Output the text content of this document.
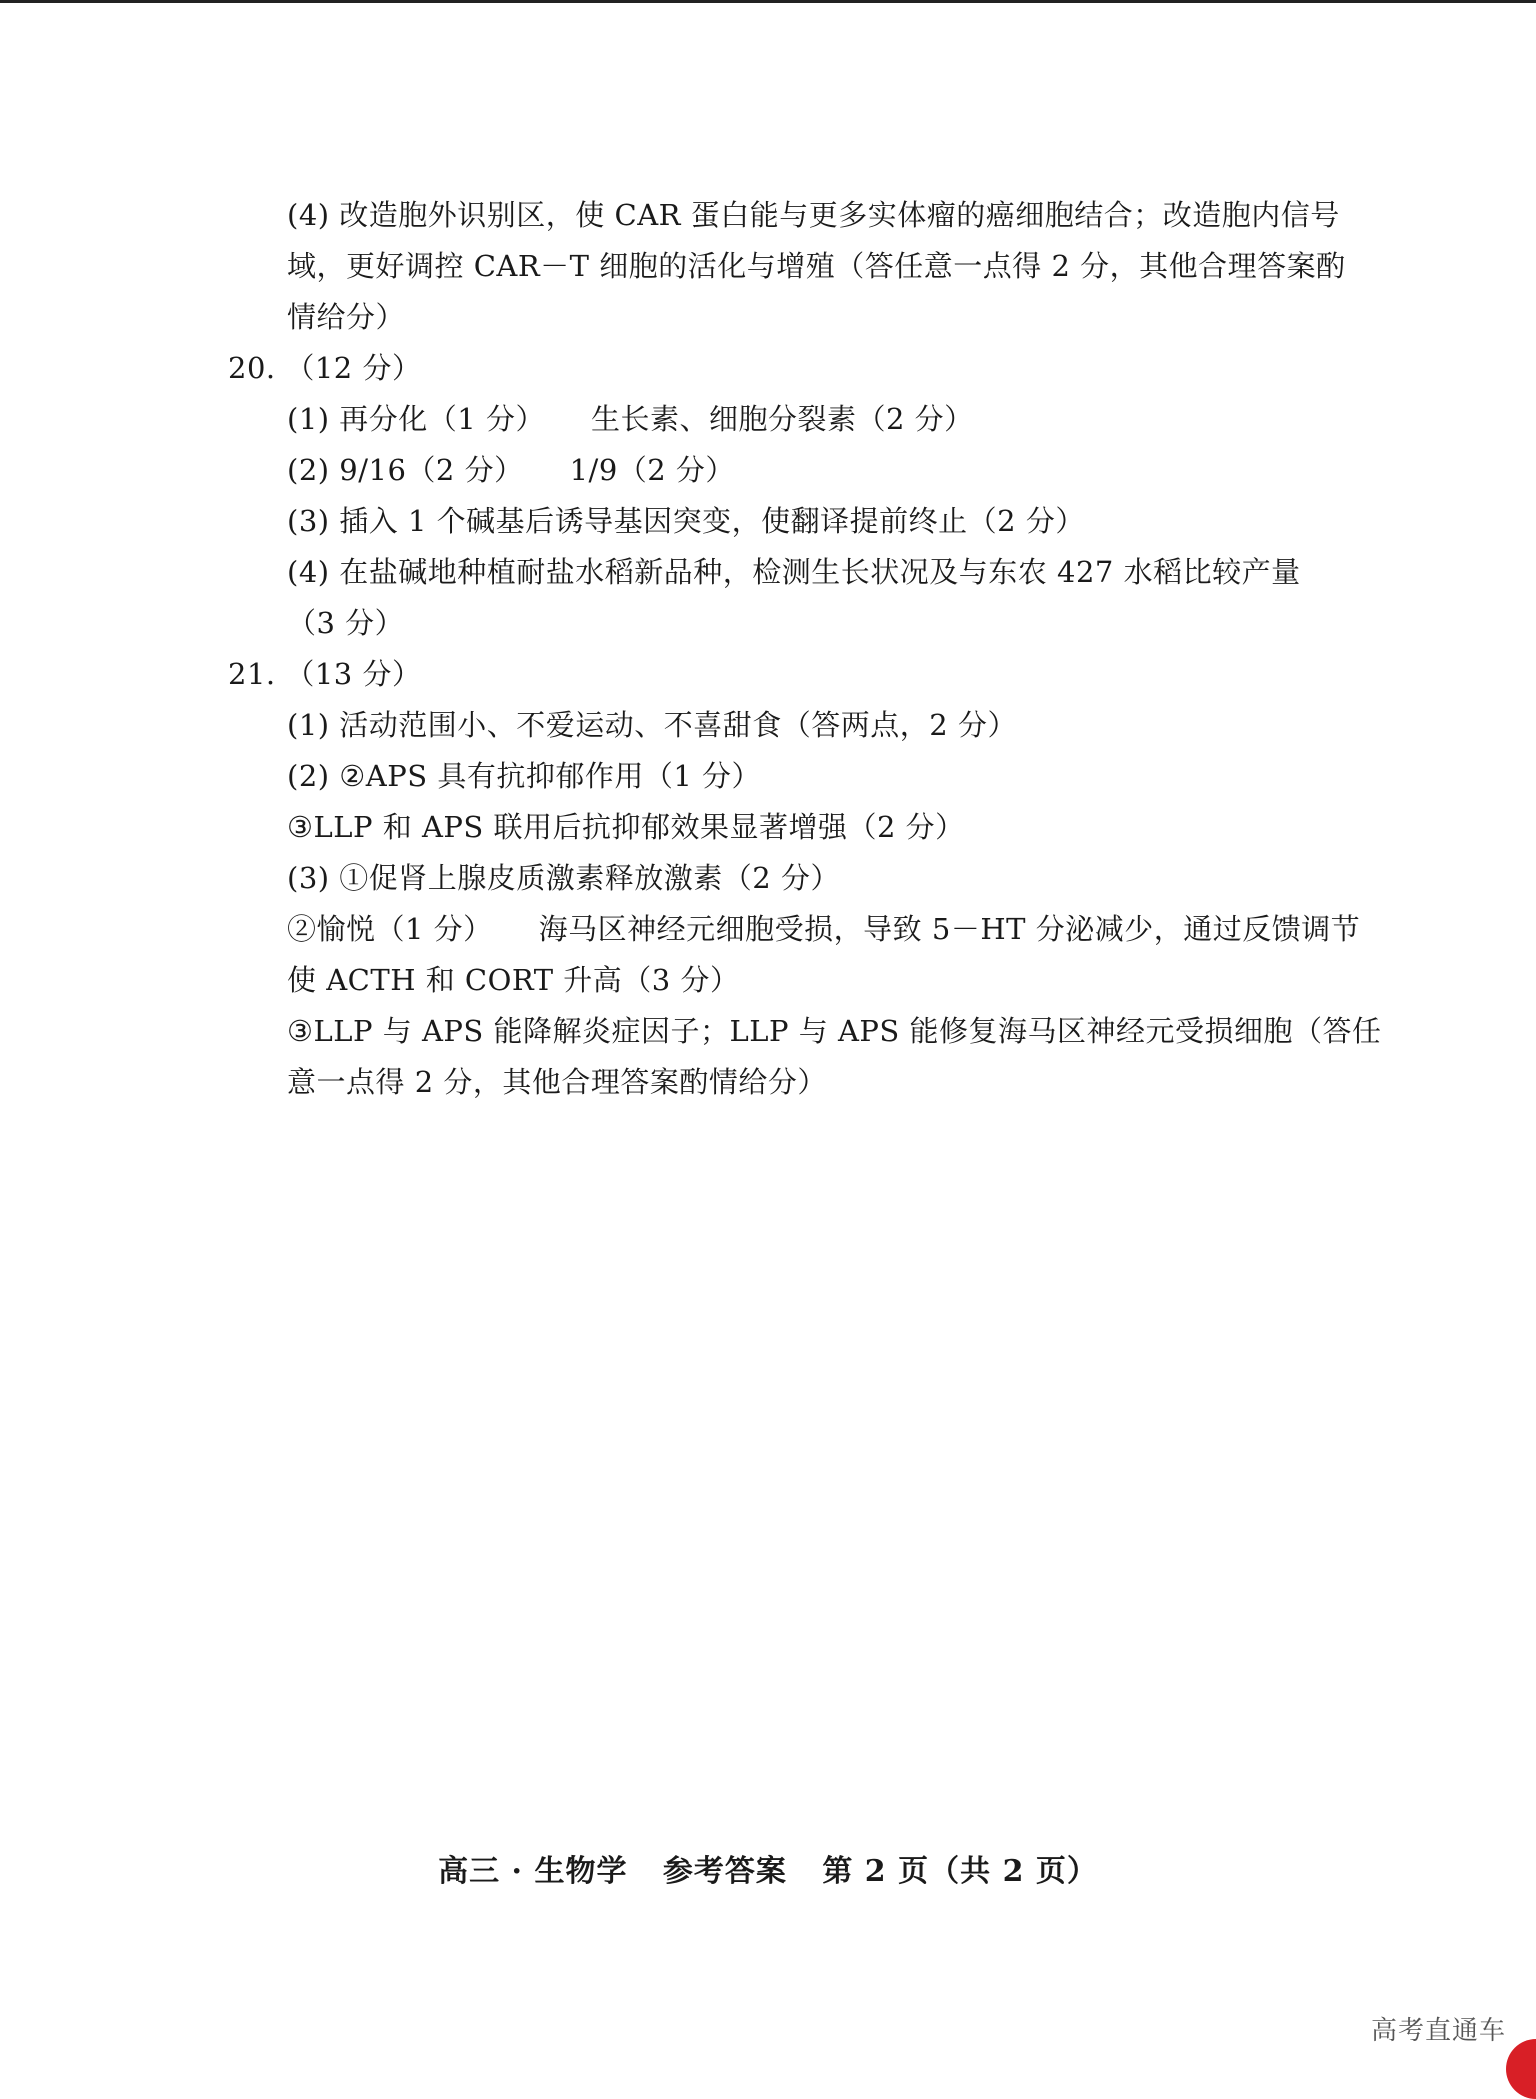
(4) 改造胞外识别区，使 CAR 蛋白能与更多实体瘤的癌细胞结合；改造胞内信号
域，更好调控 CAR－T 细胞的活化与增殖（答任意一点得 2 分，其他合理答案酌
情给分）
20. （12 分）
(1) 再分化（1 分） 生长素、细胞分裂素（2 分）
(2) 9/16（2 分） 1/9（2 分）
(3) 插入 1 个碱基后诱导基因突变，使翻译提前终止（2 分）
(4) 在盐碱地种植耐盐水稻新品种，检测生长状况及与东农 427 水稻比较产量
（3 分）
21. （13 分）
(1) 活动范围小、不爱运动、不喜甜食（答两点，2 分）
(2) ②APS 具有抗抑郁作用（1 分）
③LLP 和 APS 联用后抗抑郁效果显著增强（2 分）
(3) ①促肾上腺皮质激素释放激素（2 分）
②愉悦（1 分） 海马区神经元细胞受损，导致 5－HT 分泌减少，通过反馈调节
使 ACTH 和 CORT 升高（3 分）
③LLP 与 APS 能降解炎症因子；LLP 与 APS 能修复海马区神经元受损细胞（答任
意一点得 2 分，其他合理答案酌情给分）
高三 · 生物学 参考答案 第 2 页（共 2 页）
高考直通车
